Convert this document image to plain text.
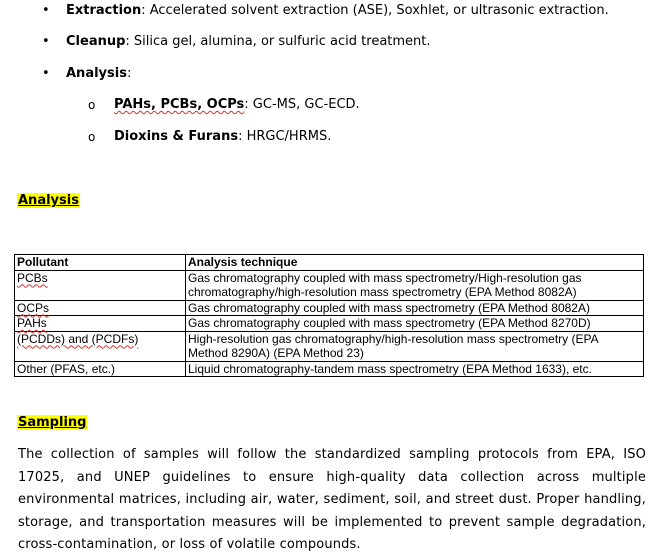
• Extraction: Accelerated solvent extraction (ASE), Soxhlet, or ultrasonic extraction.
• Cleanup: Silica gel, alumina, or sulfuric acid treatment.
• Analysis:
o PAHs, PCBs, OCPs: GC-MS, GC-ECD.
o Dioxins & Furans: HRGC/HRMS.
Analysis
Pollutant	Analysis technique
PCBs	Gas chromatography coupled with mass spectrometry/High-resolution gas chromatography/high-resolution mass spectrometry (EPA Method 8082A)
OCPs	Gas chromatography coupled with mass spectrometry (EPA Method 8082A)
PAHs	Gas chromatography coupled with mass spectrometry (EPA Method 8270D)
(PCDDs) and (PCDFs)	High-resolution gas chromatography/high-resolution mass spectrometry (EPA Method 8290A) (EPA Method 23)
Other (PFAS, etc.)	Liquid chromatography-tandem mass spectrometry (EPA Method 1633), etc.
Sampling
The collection of samples will follow the standardized sampling protocols from EPA, ISO 17025, and UNEP guidelines to ensure high-quality data collection across multiple environmental matrices, including air, water, sediment, soil, and street dust. Proper handling, storage, and transportation measures will be implemented to prevent sample degradation, cross-contamination, or loss of volatile compounds.
